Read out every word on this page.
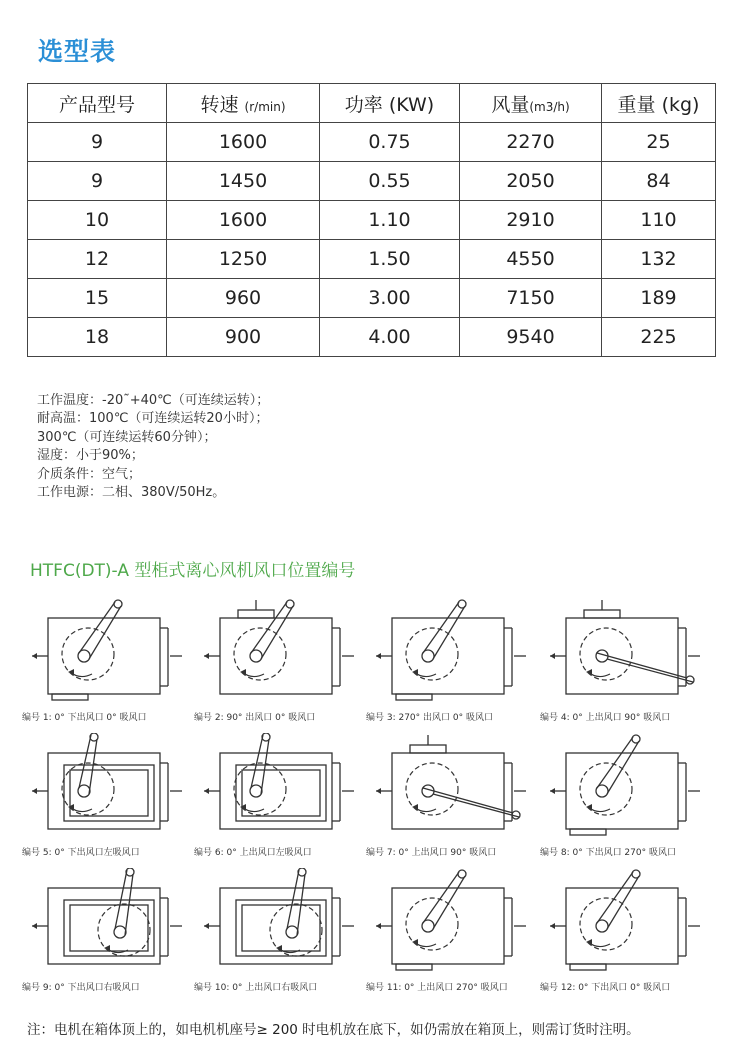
选型表
产品型号	转速 (r/min)	功率 (KW)	风量(m3/h)	重量 (kg)
9	1600	0.75	2270	25
9	1450	0.55	2050	84
10	1600	1.10	2910	110
12	1250	1.50	4550	132
15	960	3.00	7150	189
18	900	4.00	9540	225
工作温度：-20˜+40℃（可连续运转）；
耐高温：100℃（可连续运转20小时）；
300℃（可连续运转60分钟）；
湿度：小于90%；
介质条件：空气；
工作电源：二相、380V/50Hz。
HTFC(DT)-A 型柜式离心风机风口位置编号
编号 1: 0° 下出风口 0° 吸风口	编号 2: 90° 出风口 0° 吸风口	编号 3: 270° 出风口 0° 吸风口	编号 4: 0° 上出风口 90° 吸风口
编号 5: 0° 下出风口左吸风口	编号 6: 0° 上出风口左吸风口	编号 7: 0° 上出风口 90° 吸风口	编号 8: 0° 下出风口 270° 吸风口
编号 9: 0° 下出风口右吸风口	编号 10: 0° 上出风口右吸风口	编号 11: 0° 上出风口 270° 吸风口	编号 12: 0° 下出风口 0° 吸风口
注：电机在箱体顶上的，如电机机座号≥ 200 时电机放在底下，如仍需放在箱顶上，则需订货时注明。
